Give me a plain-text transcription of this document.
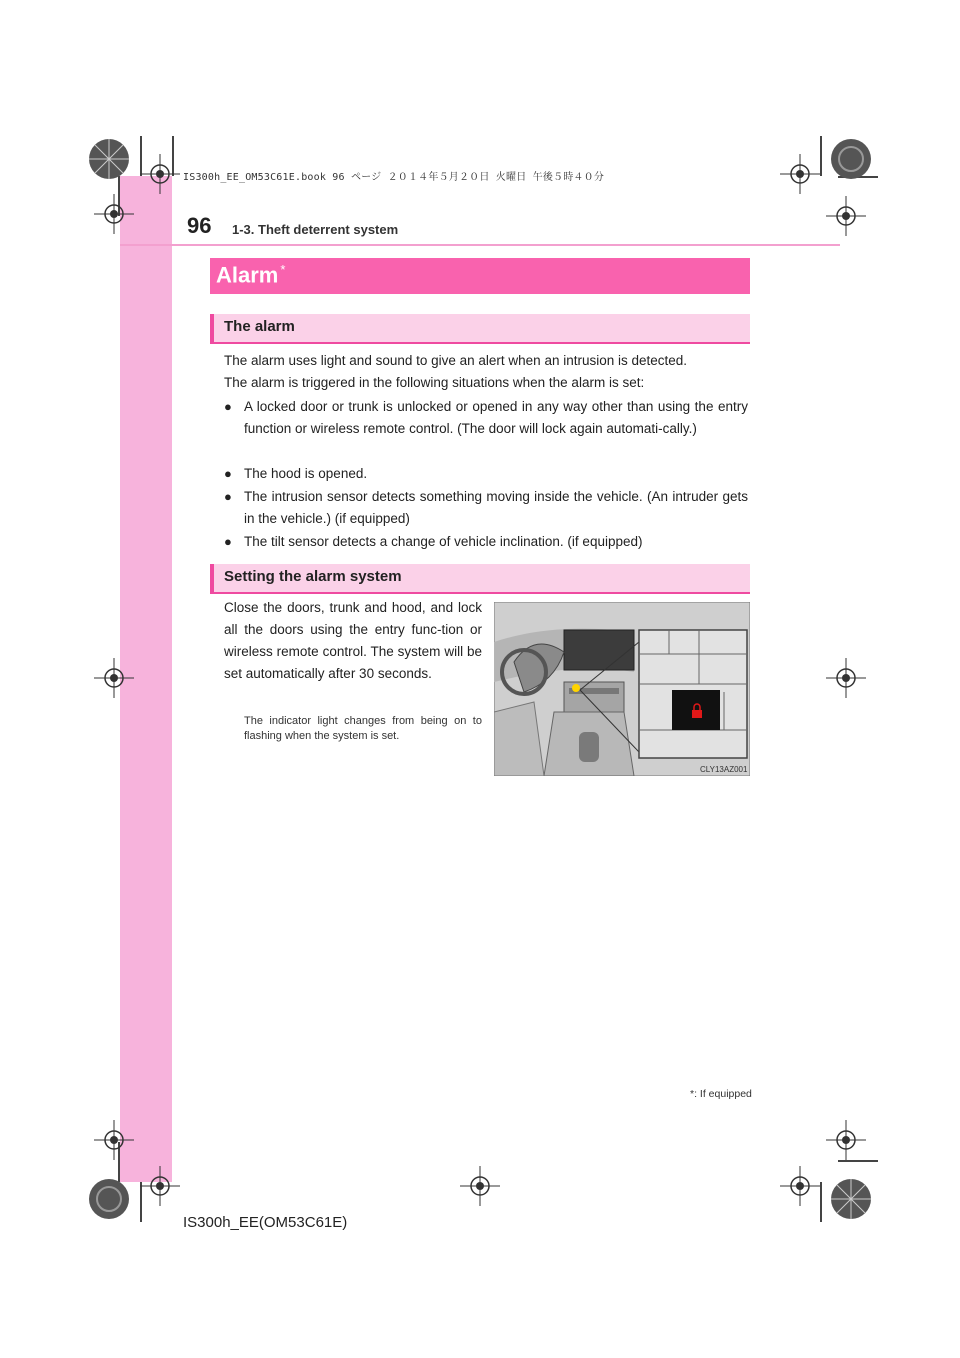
IS300h_EE_OM53C61E.book 96 ページ ２０１４年５月２０日 火曜日 午後５時４０分
96 1-3. Theft deterrent system
Alarm *
The alarm
The alarm uses light and sound to give an alert when an intrusion is detected.
The alarm is triggered in the following situations when the alarm is set:
● A locked door or trunk is unlocked or opened in any way other than using the entry function or wireless remote control. (The door will lock again automati-cally.)
● The hood is opened.
● The intrusion sensor detects something moving inside the vehicle. (An intruder gets in the vehicle.) (if equipped)
● The tilt sensor detects a change of vehicle inclination. (if equipped)
Setting the alarm system
Close the doors, trunk and hood, and lock all the doors using the entry func-tion or wireless remote control. The system will be set automatically after 30 seconds.
The indicator light changes from being on to flashing when the system is set.
CLY13AZ001
*: If equipped
IS300h_EE(OM53C61E)
